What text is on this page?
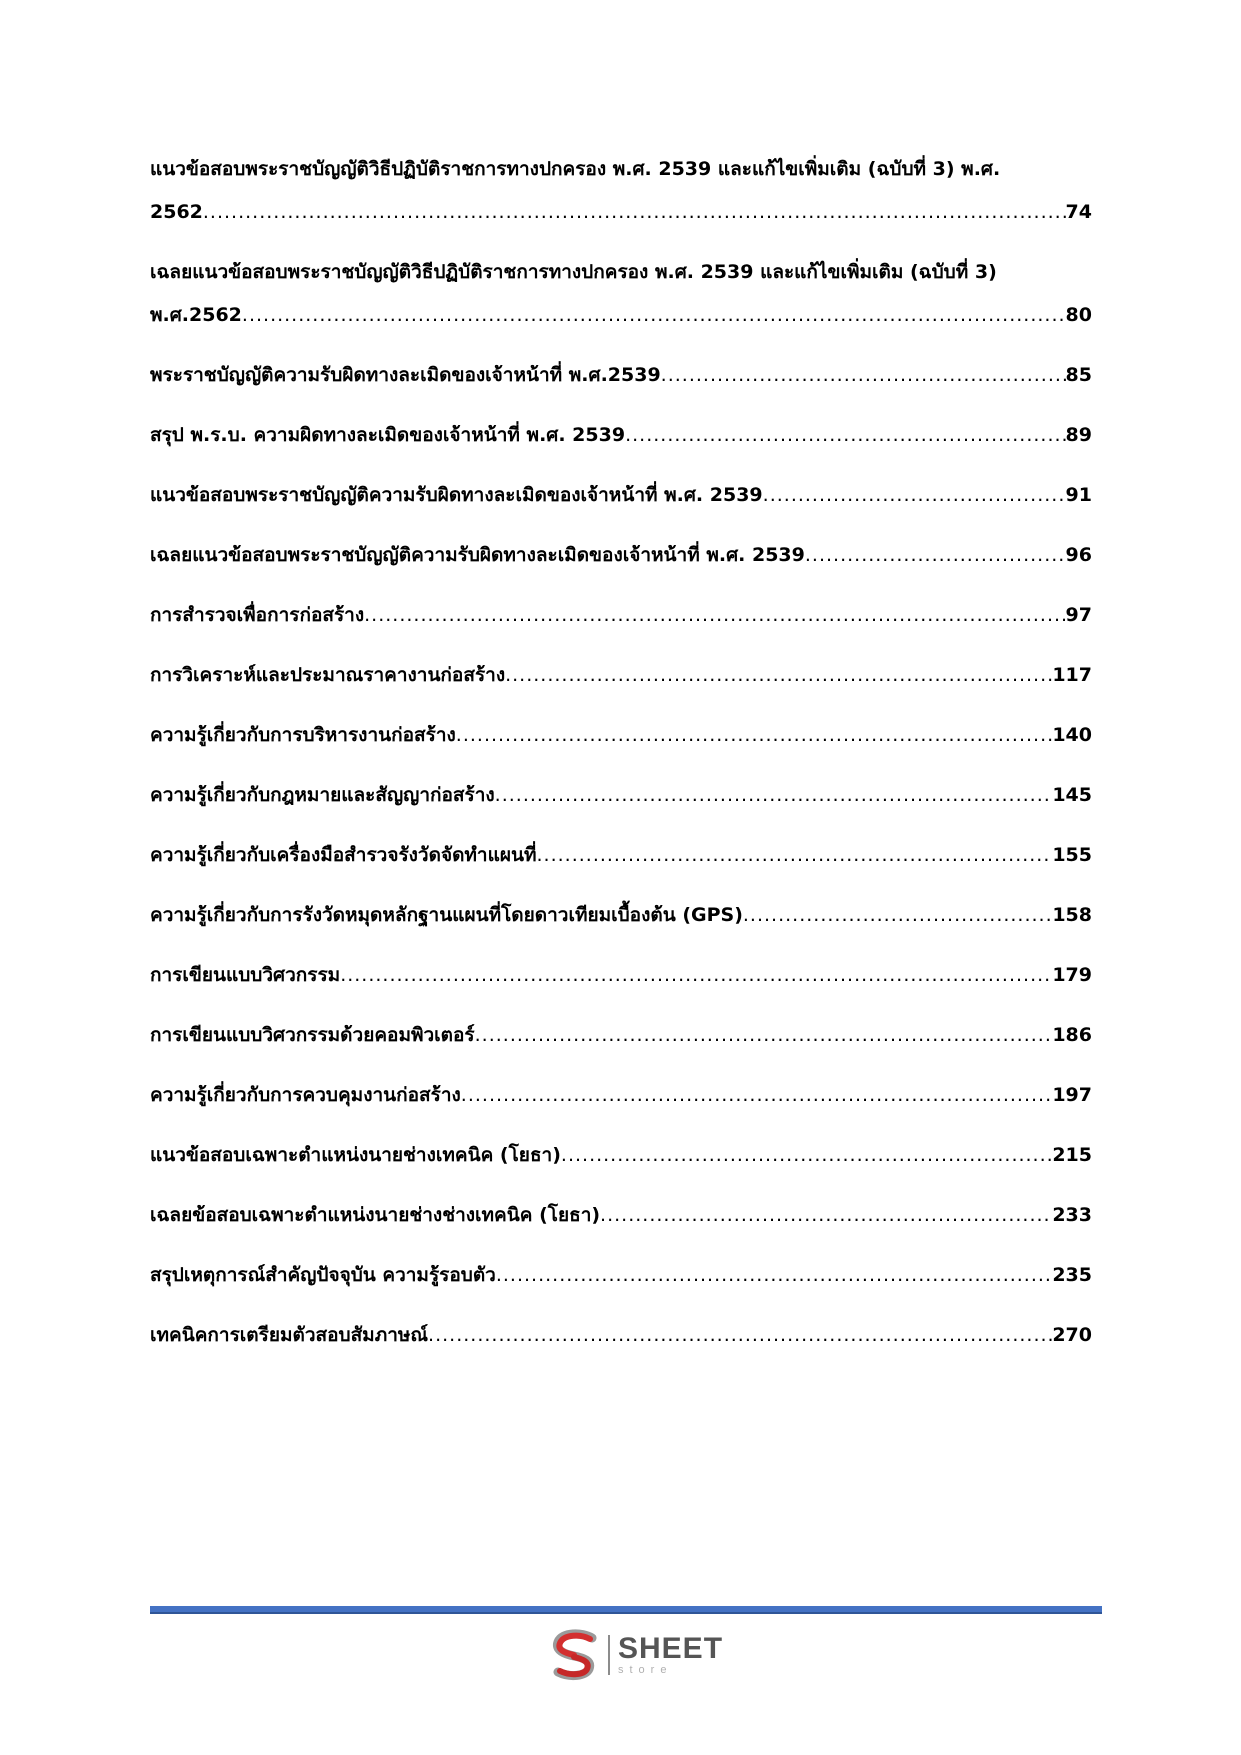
แนวข้อสอบพระราชบัญญัติวิธีปฏิบัติราชการทางปกครอง พ.ศ. 2539 และแก้ไขเพิ่มเติม (ฉบับที่ 3) พ.ศ.
2562 .....	74
เฉลยแนวข้อสอบพระราชบัญญัติวิธีปฏิบัติราชการทางปกครอง พ.ศ. 2539 และแก้ไขเพิ่มเติม (ฉบับที่ 3)
พ.ศ.2562 .....	80
พระราชบัญญัติความรับผิดทางละเมิดของเจ้าหน้าที่ พ.ศ.2539 .....	85
สรุป พ.ร.บ. ความผิดทางละเมิดของเจ้าหน้าที่ พ.ศ. 2539 .....	89
แนวข้อสอบพระราชบัญญัติความรับผิดทางละเมิดของเจ้าหน้าที่ พ.ศ. 2539 .....	91
เฉลยแนวข้อสอบพระราชบัญญัติความรับผิดทางละเมิดของเจ้าหน้าที่ พ.ศ. 2539 .....	96
การสำรวจเพื่อการก่อสร้าง .....	97
การวิเคราะห์และประมาณราคางานก่อสร้าง .....	117
ความรู้เกี่ยวกับการบริหารงานก่อสร้าง .....	140
ความรู้เกี่ยวกับกฎหมายและสัญญาก่อสร้าง .....	145
ความรู้เกี่ยวกับเครื่องมือสำรวจรังวัดจัดทำแผนที่ .....	155
ความรู้เกี่ยวกับการรังวัดหมุดหลักฐานแผนที่โดยดาวเทียมเบื้องต้น (GPS) .....	158
การเขียนแบบวิศวกรรม .....	179
การเขียนแบบวิศวกรรมด้วยคอมพิวเตอร์ .....	186
ความรู้เกี่ยวกับการควบคุมงานก่อสร้าง .....	197
แนวข้อสอบเฉพาะตำแหน่งนายช่างเทคนิค (โยธา) .....	215
เฉลยข้อสอบเฉพาะตำแหน่งนายช่างช่างเทคนิค (โยธา) .....	233
สรุปเหตุการณ์สำคัญปัจจุบัน ความรู้รอบตัว .....	235
เทคนิคการเตรียมตัวสอบสัมภาษณ์ .....	270
SHEET
store
